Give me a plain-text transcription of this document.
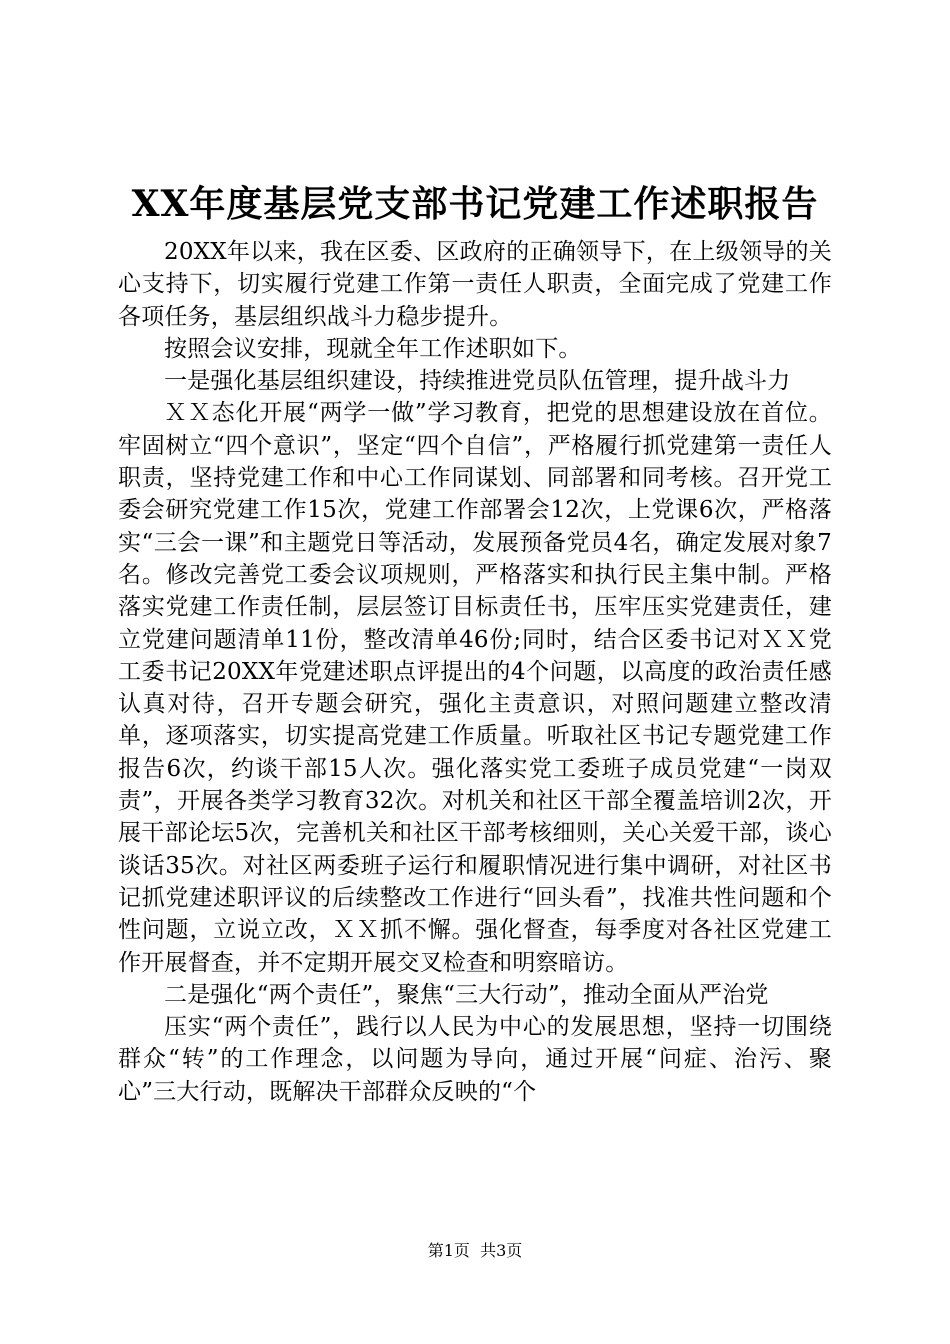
XX年度基层党支部书记党建工作述职报告

20XX年以来，我在区委、区政府的正确领导下，在上级领导的关心支持下，切实履行党建工作第一责任人职责，全面完成了党建工作各项任务，基层组织战斗力稳步提升。

按照会议安排，现就全年工作述职如下。

一是强化基层组织建设，持续推进党员队伍管理，提升战斗力

ＸＸ态化开展“两学一做”学习教育，把党的思想建设放在首位。牢固树立“四个意识”，坚定“四个自信”，严格履行抓党建第一责任人职责，坚持党建工作和中心工作同谋划、同部署和同考核。召开党工委会研究党建工作15次，党建工作部署会12次，上党课6次，严格落实“三会一课”和主题党日等活动，发展预备党员4名，确定发展对象7名。修改完善党工委会议项规则，严格落实和执行民主集中制。严格落实党建工作责任制，层层签订目标责任书，压牢压实党建责任，建立党建问题清单11份，整改清单46份;同时，结合区委书记对ＸＸ党工委书记20XX年党建述职点评提出的4个问题，以高度的政治责任感认真对待，召开专题会研究，强化主责意识，对照问题建立整改清单，逐项落实，切实提高党建工作质量。听取社区书记专题党建工作报告6次，约谈干部15人次。强化落实党工委班子成员党建“一岗双责”，开展各类学习教育32次。对机关和社区干部全覆盖培训2次，开展干部论坛5次，完善机关和社区干部考核细则，关心关爱干部，谈心谈话35次。对社区两委班子运行和履职情况进行集中调研，对社区书记抓党建述职评议的后续整改工作进行“回头看”，找准共性问题和个性问题，立说立改，ＸＸ抓不懈。强化督查，每季度对各社区党建工作开展督查，并不定期开展交叉检查和明察暗访。

二是强化“两个责任”，聚焦“三大行动”，推动全面从严治党

压实“两个责任”，践行以人民为中心的发展思想，坚持一切围绕群众“转”的工作理念，以问题为导向，通过开展“问症、治污、聚心”三大行动，既解决干部群众反映的“个

第1页 共3页
